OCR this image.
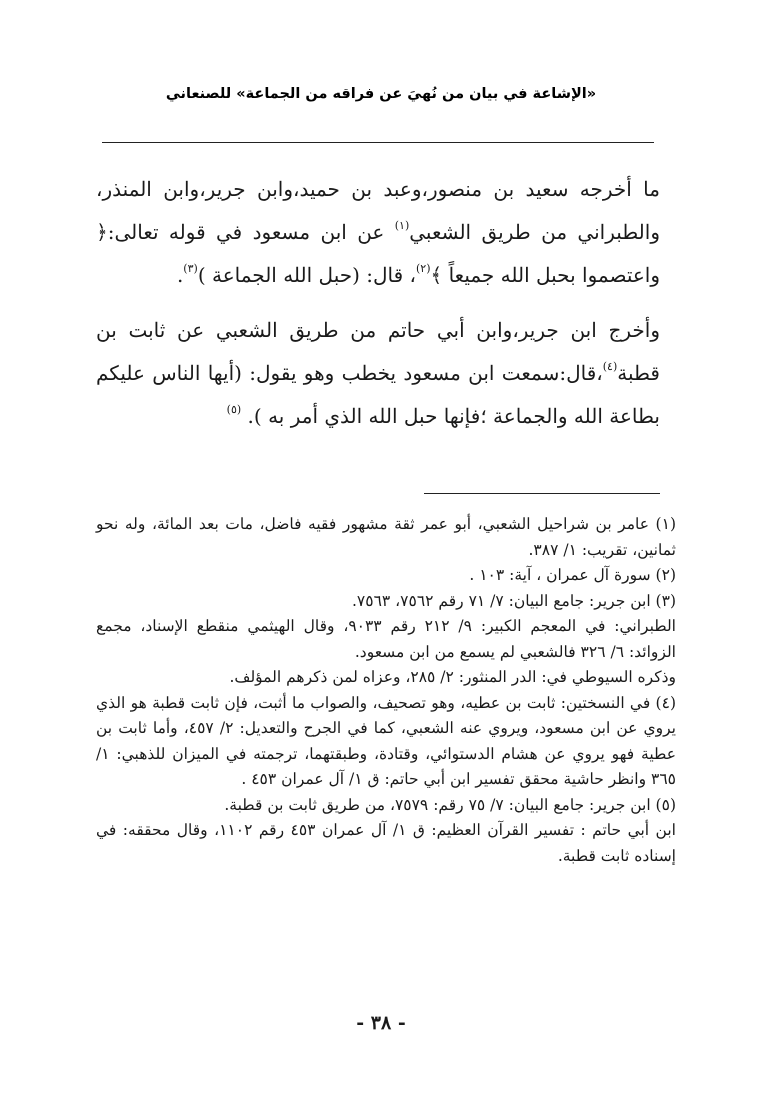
«الإشاعة في بيان من نُهيَ عن فراقه من الجماعة» للصنعاني

ما أخرجه سعيد بن منصور،وعبد بن حميد،وابن جرير،وابن المنذر، والطبراني من طريق الشعبي$^{(١)}$ عن ابن مسعود في قوله تعالى:﴿ واعتصموا بحبل الله جميعاً ﴾$^{(٢)}$، قال: (حبل الله الجماعة )$^{(٣)}$.

وأخرج ابن جرير،وابن أبي حاتم من طريق الشعبي عن ثابت بن قطبة$^{(٤)}$،قال:سمعت ابن مسعود يخطب وهو يقول: (أيها الناس عليكم بطاعة الله والجماعة ؛فإنها حبل الله الذي أمر به ). $^{(٥)}$

(١) عامر بن شراحيل الشعبي، أبو عمر ثقة مشهور فقيه فاضل، مات بعد المائة، وله نحو ثمانين، تقريب: ١/ ٣٨٧.

(٢) سورة آل عمران ، آية: ١٠٣ .

(٣) ابن جرير: جامع البيان: ٧/ ٧١ رقم ٧٥٦٢، ٧٥٦٣.

الطبراني: في المعجم الكبير: ٩/ ٢١٢ رقم ٩٠٣٣، وقال الهيثمي منقطع الإسناد، مجمع الزوائد: ٦/ ٣٢٦ فالشعبي لم يسمع من ابن مسعود.

وذكره السيوطي في: الدر المنثور: ٢/ ٢٨٥، وعزاه لمن ذكرهم المؤلف.

(٤) في النسختين: ثابت بن عطيه، وهو تصحيف، والصواب ما أثبت، فإن ثابت قطبة هو الذي يروي عن ابن مسعود، ويروي عنه الشعبي، كما في الجرح والتعديل: ٢/ ٤٥٧، وأما ثابت بن عطية فهو يروي عن هشام الدستوائي، وقتادة، وطبقتهما، ترجمته في الميزان للذهبي: ١/ ٣٦٥ وانظر حاشية محقق تفسير ابن أبي حاتم: ق ١/ آل عمران ٤٥٣ .

(٥) ابن جرير: جامع البيان: ٧/ ٧٥ رقم: ٧٥٧٩، من طريق ثابت بن قطبة.

ابن أبي حاتم : تفسير القرآن العظيم: ق ١/ آل عمران ٤٥٣ رقم ١١٠٢، وقال محققه: في إسناده ثابت قطبة.

- ٣٨ -
